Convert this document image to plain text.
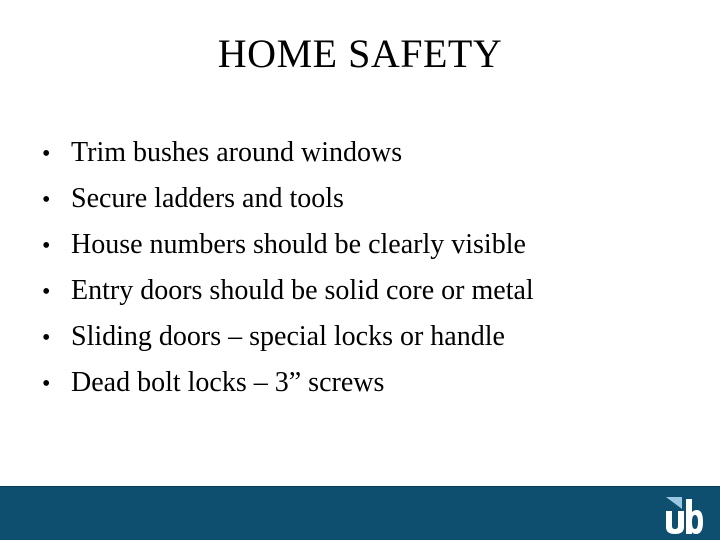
HOME SAFETY
• Trim bushes around windows
• Secure ladders and tools
• House numbers should be clearly visible
• Entry doors should be solid core or metal
• Sliding doors – special locks or handle
• Dead bolt locks – 3” screws
